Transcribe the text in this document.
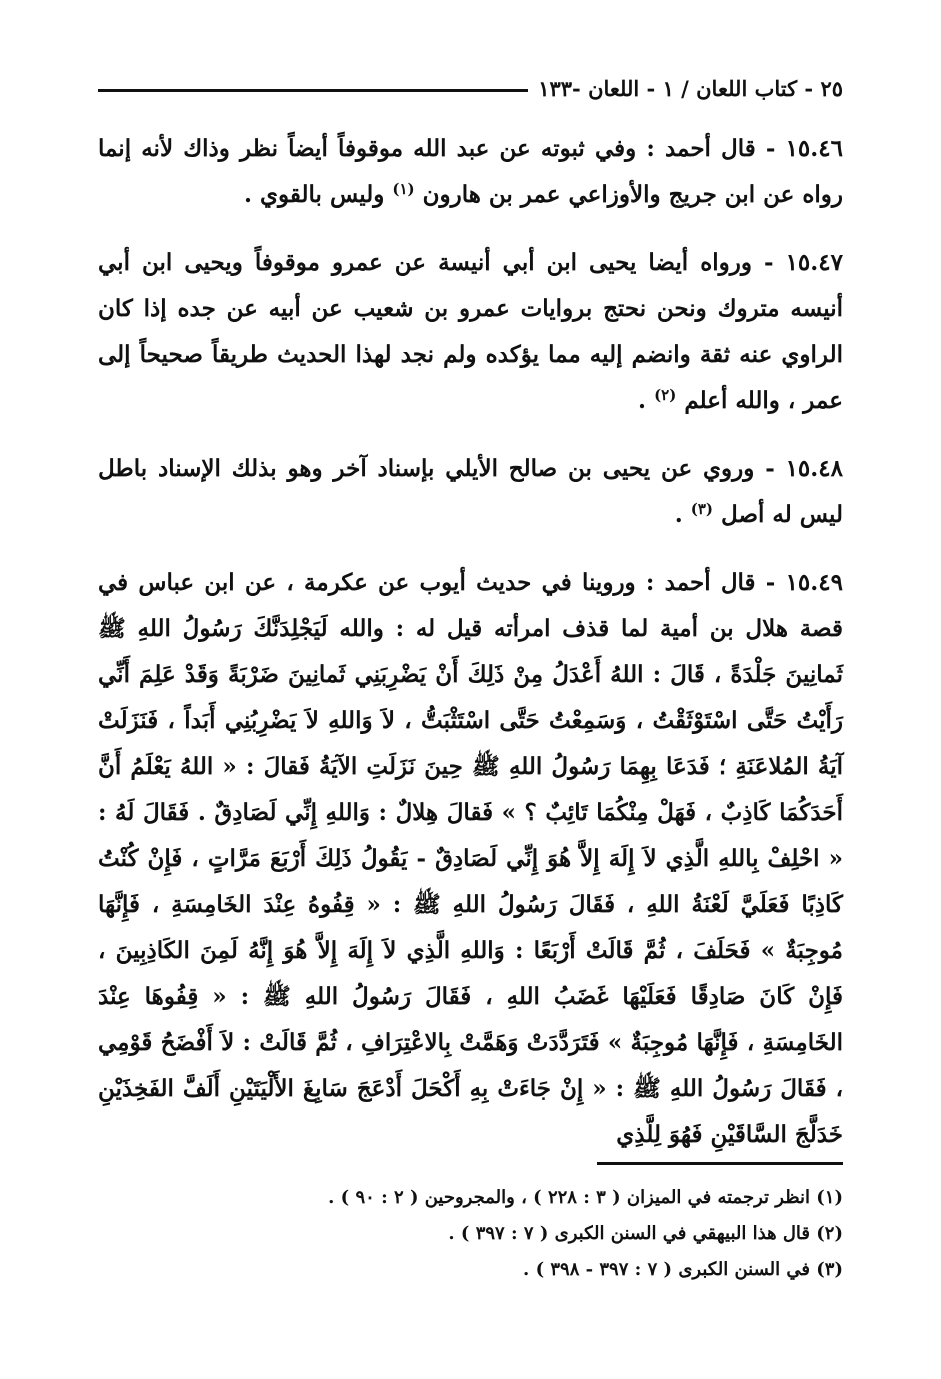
٢٥ - كتاب اللعان / ١ - اللعان -١٣٣

١٥.٤٦ - قال أحمد : وفي ثبوته عن عبد الله موقوفاً أيضاً نظر وذاك لأنه إنما رواه عن ابن جريج والأوزاعي عمر بن هارون $^{(١)}$ وليس بالقوي .

١٥.٤٧ - ورواه أيضا يحيى ابن أبي أنيسة عن عمرو موقوفاً ويحيى ابن أبي أنيسه متروك ونحن نحتج بروايات عمرو بن شعيب عن أبيه عن جده إذا كان الراوي عنه ثقة وانضم إليه مما يؤكده ولم نجد لهذا الحديث طريقاً صحيحاً إلى عمر ، والله أعلم $^{(٢)}$ .

١٥.٤٨ - وروي عن يحيى بن صالح الأيلي بإسناد آخر وهو بذلك الإسناد باطل ليس له أصل $^{(٣)}$ .

١٥.٤٩ - قال أحمد : وروينا في حديث أيوب عن عكرمة ، عن ابن عباس في قصة هلال بن أمية لما قذف امرأته قيل له : والله لَيَجْلِدَنَّكَ رَسُولُ اللهِ ﷺ ثَمانِينَ جَلْدَةً ، قَالَ : اللهُ أَعْدَلُ مِنْ ذَلِكَ أَنْ يَضْرِبَنِي ثَمانِينَ ضَرْبَةً وَقَدْ عَلِمَ أَنِّي رَأَيْتُ حَتَّى اسْتَوْثَقْتُ ، وَسَمِعْتُ حَتَّى اسْتَثْبَتُّ ، لاَ وَاللهِ لاَ يَضْرِبُنِي أَبَداً ، فَنَزَلَتْ آيَةُ المُلاعَنَةِ ؛ فَدَعَا بِهِمَا رَسُولُ اللهِ ﷺ حِينَ نَزَلَتِ الآيَةُ فَقالَ : « اللهُ يَعْلَمُ أَنَّ أَحَدَكُمَا كَاذِبٌ ، فَهَلْ مِنْكُمَا تَائِبٌ ؟ » فَقالَ هِلالٌ : وَاللهِ إِنِّي لَصَادِقٌ . فَقَالَ لَهُ : « احْلِفْ بِاللهِ الَّذِي لاَ إِلَهَ إِلاَّ هُوَ إِنِّي لَصَادِقٌ - يَقُولُ ذَلِكَ أَرْبَعَ مَرَّاتٍ ، فَإِنْ كُنْتُ كَاذِبًا فَعَلَيَّ لَعْنَةُ اللهِ ، فَقَالَ رَسُولُ اللهِ ﷺ : « قِفُوهُ عِنْدَ الخَامِسَةِ ، فَإِنَّهَا مُوجِبَةٌ » فَحَلَفَ ، ثُمَّ قَالَتْ أَرْبَعًا : وَاللهِ الَّذِي لاَ إِلَهَ إِلاَّ هُوَ إِنَّهُ لَمِنَ الكَاذِبِينَ ، فَإِنْ كَانَ صَادِقًا فَعَلَيْهَا غَضَبُ اللهِ ، فَقَالَ رَسُولُ اللهِ ﷺ : « قِفُوهَا عِنْدَ الخَامِسَةِ ، فَإِنَّهَا مُوجِبَةٌ » فَتَرَدَّدَتْ وَهَمَّتْ بِالاعْتِرَافِ ، ثُمَّ قَالَتْ : لاَ أَفْضَحُ قَوْمِي ، فَقَالَ رَسُولُ اللهِ ﷺ : « إِنْ جَاءَتْ بِهِ أَكْحَلَ أَدْعَجَ سَابِغَ الأَلْيَتَيْنِ أَلَفَّ الفَخِذَيْنِ خَدَلَّجَ السَّاقَيْنِ فَهُوَ لِلَّذِي

(١) انظر ترجمته في الميزان ( ٣ : ٢٢٨ ) ، والمجروحين ( ٢ : ٩٠ ) .

(٢) قال هذا البيهقي في السنن الكبرى ( ٧ : ٣٩٧ ) .

(٣) في السنن الكبرى ( ٧ : ٣٩٧ - ٣٩٨ ) .
